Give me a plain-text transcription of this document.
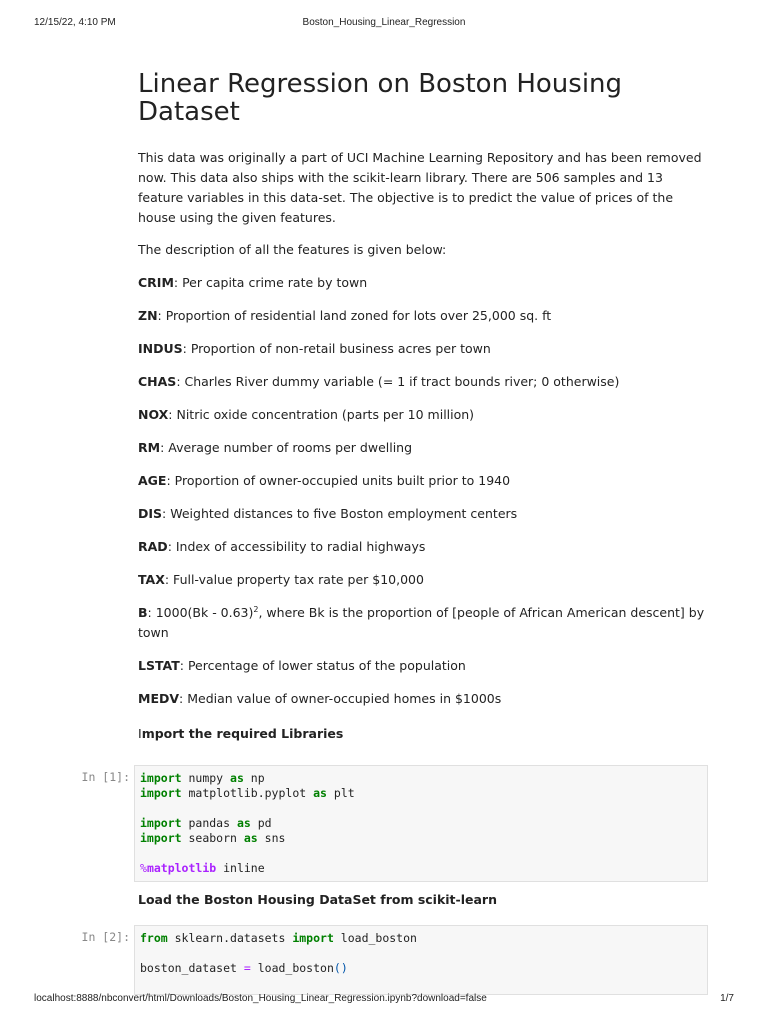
12/15/22, 4:10 PM	Boston_Housing_Linear_Regression
Linear Regression on Boston Housing Dataset

This data was originally a part of UCI Machine Learning Repository and has been removed now. This data also ships with the scikit-learn library. There are 506 samples and 13 feature variables in this data-set. The objective is to predict the value of prices of the house using the given features.

The description of all the features is given below:

CRIM: Per capita crime rate by town

ZN: Proportion of residential land zoned for lots over 25,000 sq. ft

INDUS: Proportion of non-retail business acres per town

CHAS: Charles River dummy variable (= 1 if tract bounds river; 0 otherwise)

NOX: Nitric oxide concentration (parts per 10 million)

RM: Average number of rooms per dwelling

AGE: Proportion of owner-occupied units built prior to 1940

DIS: Weighted distances to five Boston employment centers

RAD: Index of accessibility to radial highways

TAX: Full-value property tax rate per $10,000

B: 1000(Bk - 0.63)$^2$, where Bk is the proportion of [people of African American descent] by town

LSTAT: Percentage of lower status of the population

MEDV: Median value of owner-occupied homes in $1000s

Import the required Libraries

In [1]: import numpy as np
import matplotlib.pyplot as plt
import pandas as pd
import seaborn as sns
%matplotlib inline

Load the Boston Housing DataSet from scikit-learn

In [2]: from sklearn.datasets import load_boston
boston_dataset = load_boston()
localhost:8888/nbconvert/html/Downloads/Boston_Housing_Linear_Regression.ipynb?download=false	1/7
